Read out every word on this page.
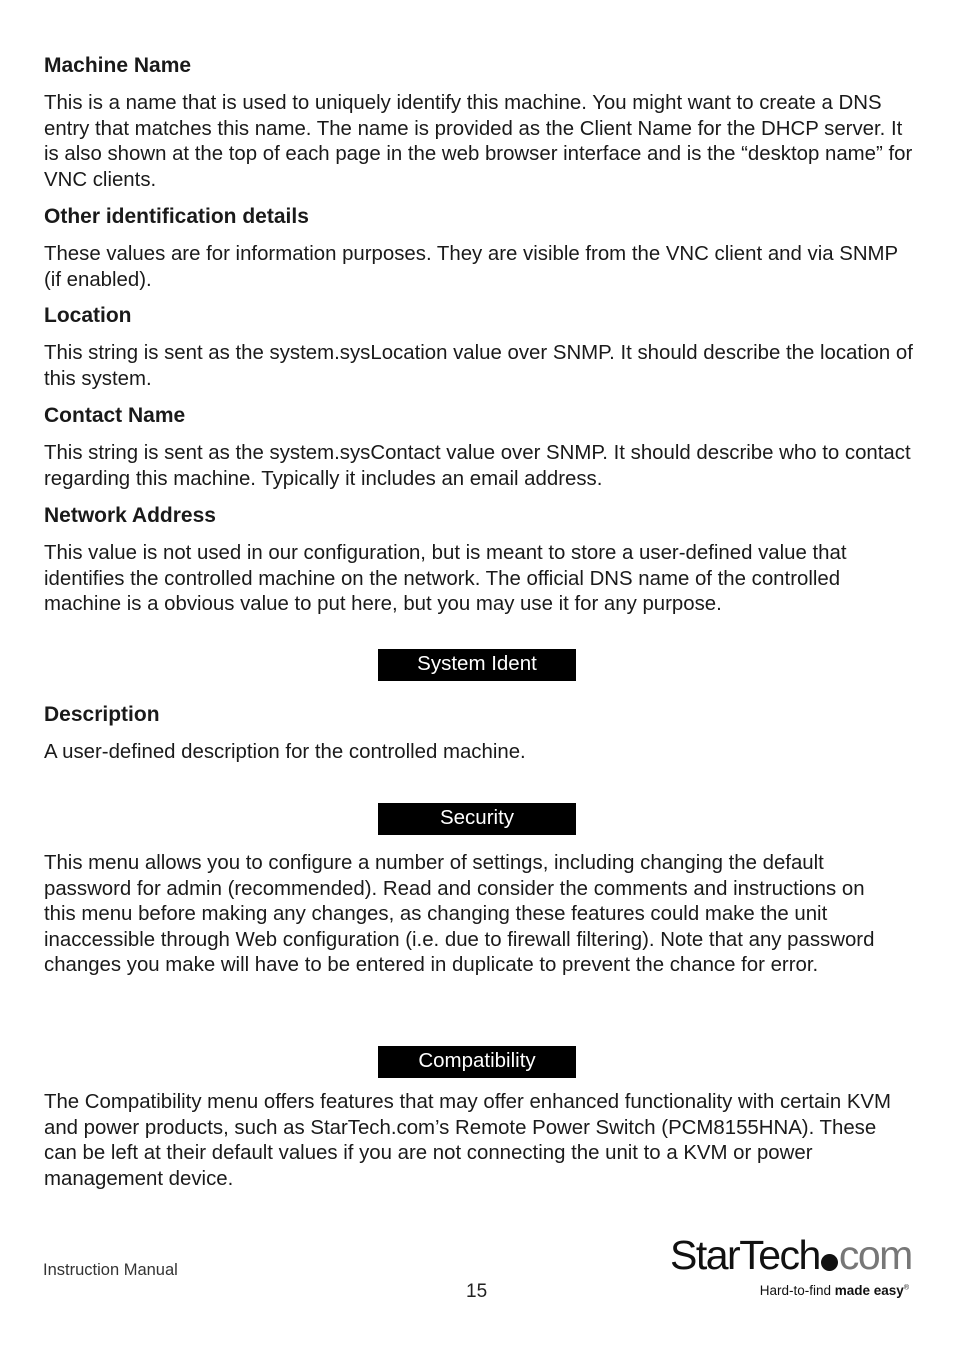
Machine Name

This is a name that is used to uniquely identify this machine. You might want to create a DNS entry that matches this name. The name is provided as the Client Name for the DHCP server. It is also shown at the top of each page in the web browser interface and is the “desktop name” for VNC clients.

Other identification details

These values are for information purposes. They are visible from the VNC client and via SNMP (if enabled).

Location

This string is sent as the system.sysLocation value over SNMP. It should describe the location of this system.

Contact Name

This string is sent as the system.sysContact value over SNMP. It should describe who to contact regarding this machine. Typically it includes an email address.

Network Address

This value is not used in our configuration, but is meant to store a user-defined value that identifies the controlled machine on the network. The official DNS name of the controlled machine is a obvious value to put here, but you may use it for any purpose.

System Ident
Description

A user-defined description for the controlled machine.

Security

This menu allows you to configure a number of settings, including changing the default password for admin (recommended). Read and consider the comments and instructions on this menu before making any changes, as changing these features could make the unit inaccessible through Web configuration (i.e. due to firewall filtering). Note that any password changes you make will have to be entered in duplicate to prevent the chance for error.

Compatibility

The Compatibility menu offers features that may offer enhanced functionality with certain KVM and power products, such as StarTech.com’s Remote Power Switch (PCM8155HNA). These can be left at their default values if you are not connecting the unit to a KVM or power management device.

Instruction Manual
15
StarTech com
Hard-to-find made easy®
